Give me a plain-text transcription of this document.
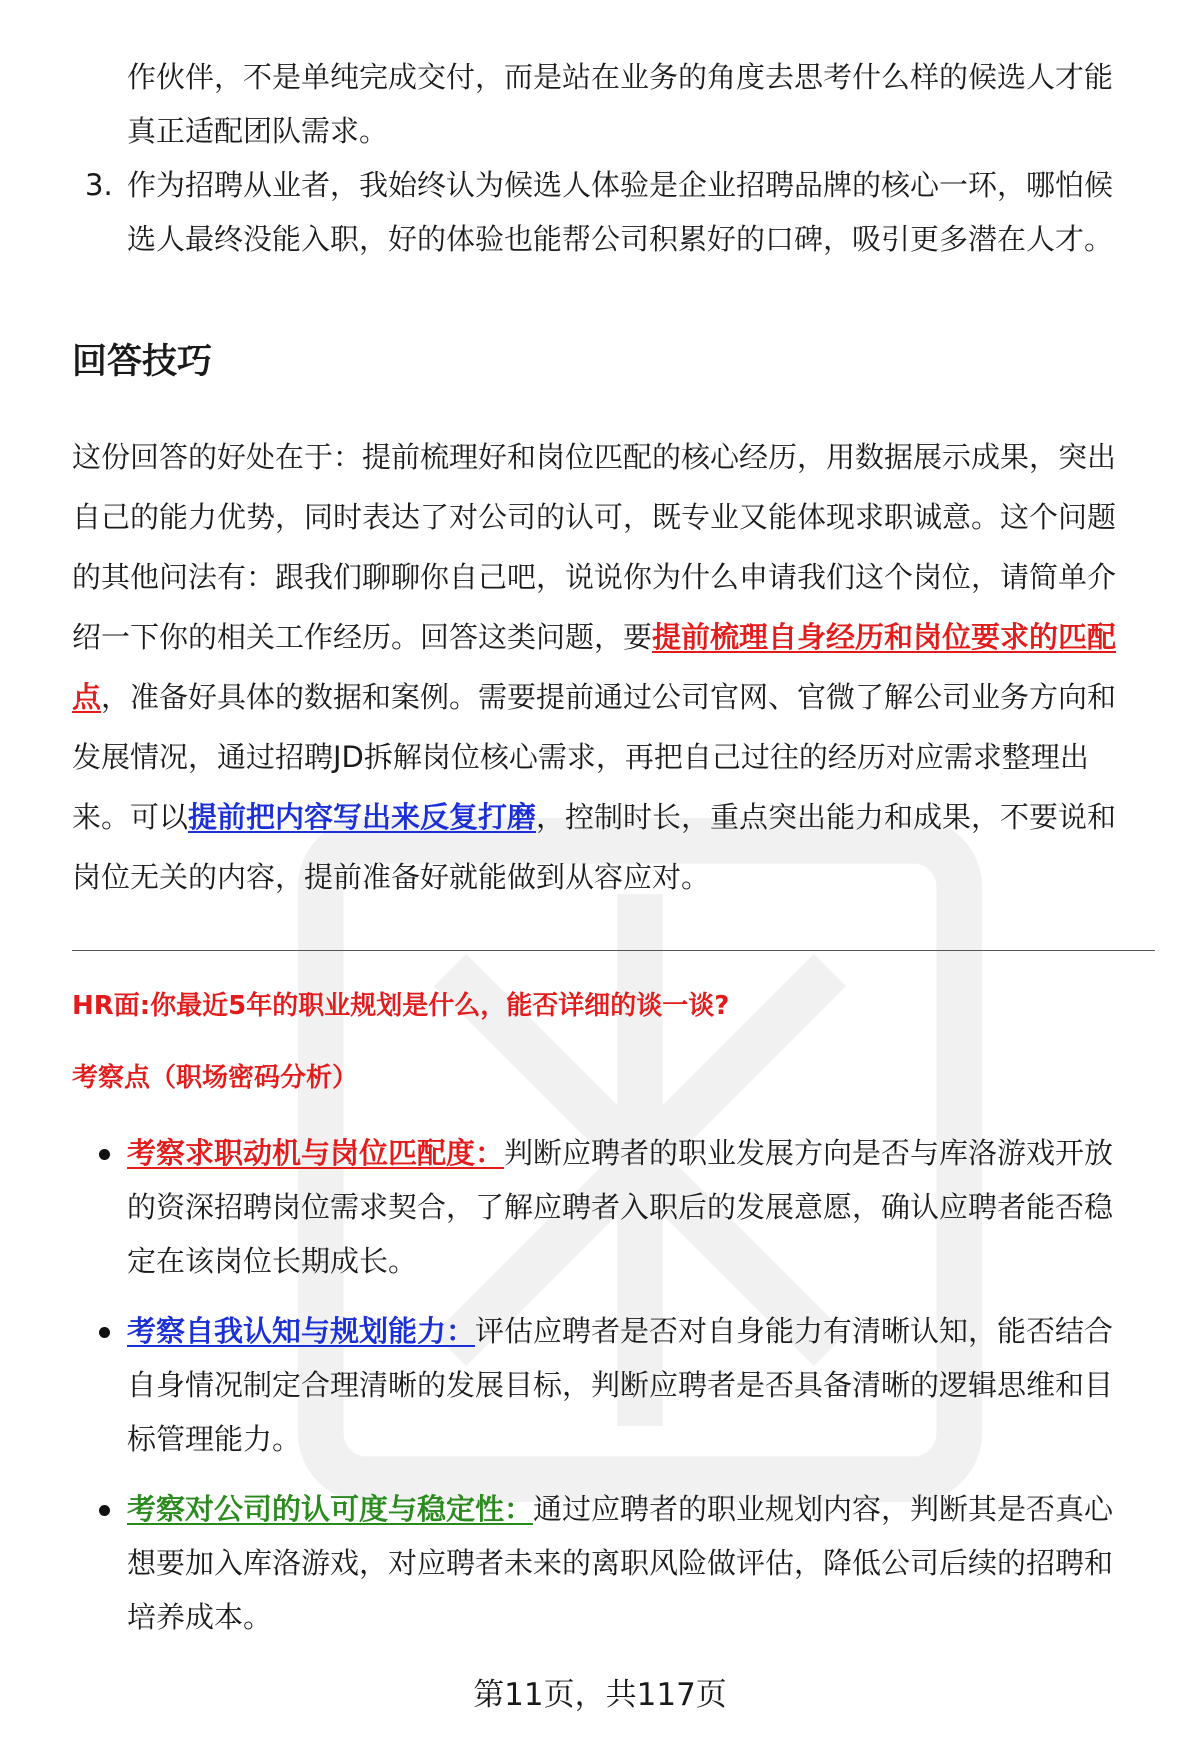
作伙伴，不是单纯完成交付，而是站在业务的角度去思考什么样的候选人才能
真正适配团队需求。
3. 作为招聘从业者，我始终认为候选人体验是企业招聘品牌的核心一环，哪怕候
选人最终没能入职，好的体验也能帮公司积累好的口碑，吸引更多潜在人才。
回答技巧
这份回答的好处在于：提前梳理好和岗位匹配的核心经历，用数据展示成果，突出
自己的能力优势，同时表达了对公司的认可，既专业又能体现求职诚意。这个问题
的其他问法有：跟我们聊聊你自己吧，说说你为什么申请我们这个岗位，请简单介
绍一下你的相关工作经历。回答这类问题，要提前梳理自身经历和岗位要求的匹配
点，准备好具体的数据和案例。需要提前通过公司官网、官微了解公司业务方向和
发展情况，通过招聘JD拆解岗位核心需求，再把自己过往的经历对应需求整理出
来。可以提前把内容写出来反复打磨，控制时长，重点突出能力和成果，不要说和
岗位无关的内容，提前准备好就能做到从容应对。
HR面:你最近5年的职业规划是什么，能否详细的谈一谈?
考察点（职场密码分析）
考察求职动机与岗位匹配度：判断应聘者的职业发展方向是否与库洛游戏开放
的资深招聘岗位需求契合，了解应聘者入职后的发展意愿，确认应聘者能否稳
定在该岗位长期成长。
考察自我认知与规划能力：评估应聘者是否对自身能力有清晰认知，能否结合
自身情况制定合理清晰的发展目标，判断应聘者是否具备清晰的逻辑思维和目
标管理能力。
考察对公司的认可度与稳定性：通过应聘者的职业规划内容，判断其是否真心
想要加入库洛游戏，对应聘者未来的离职风险做评估，降低公司后续的招聘和
培养成本。
第11页，共117页
